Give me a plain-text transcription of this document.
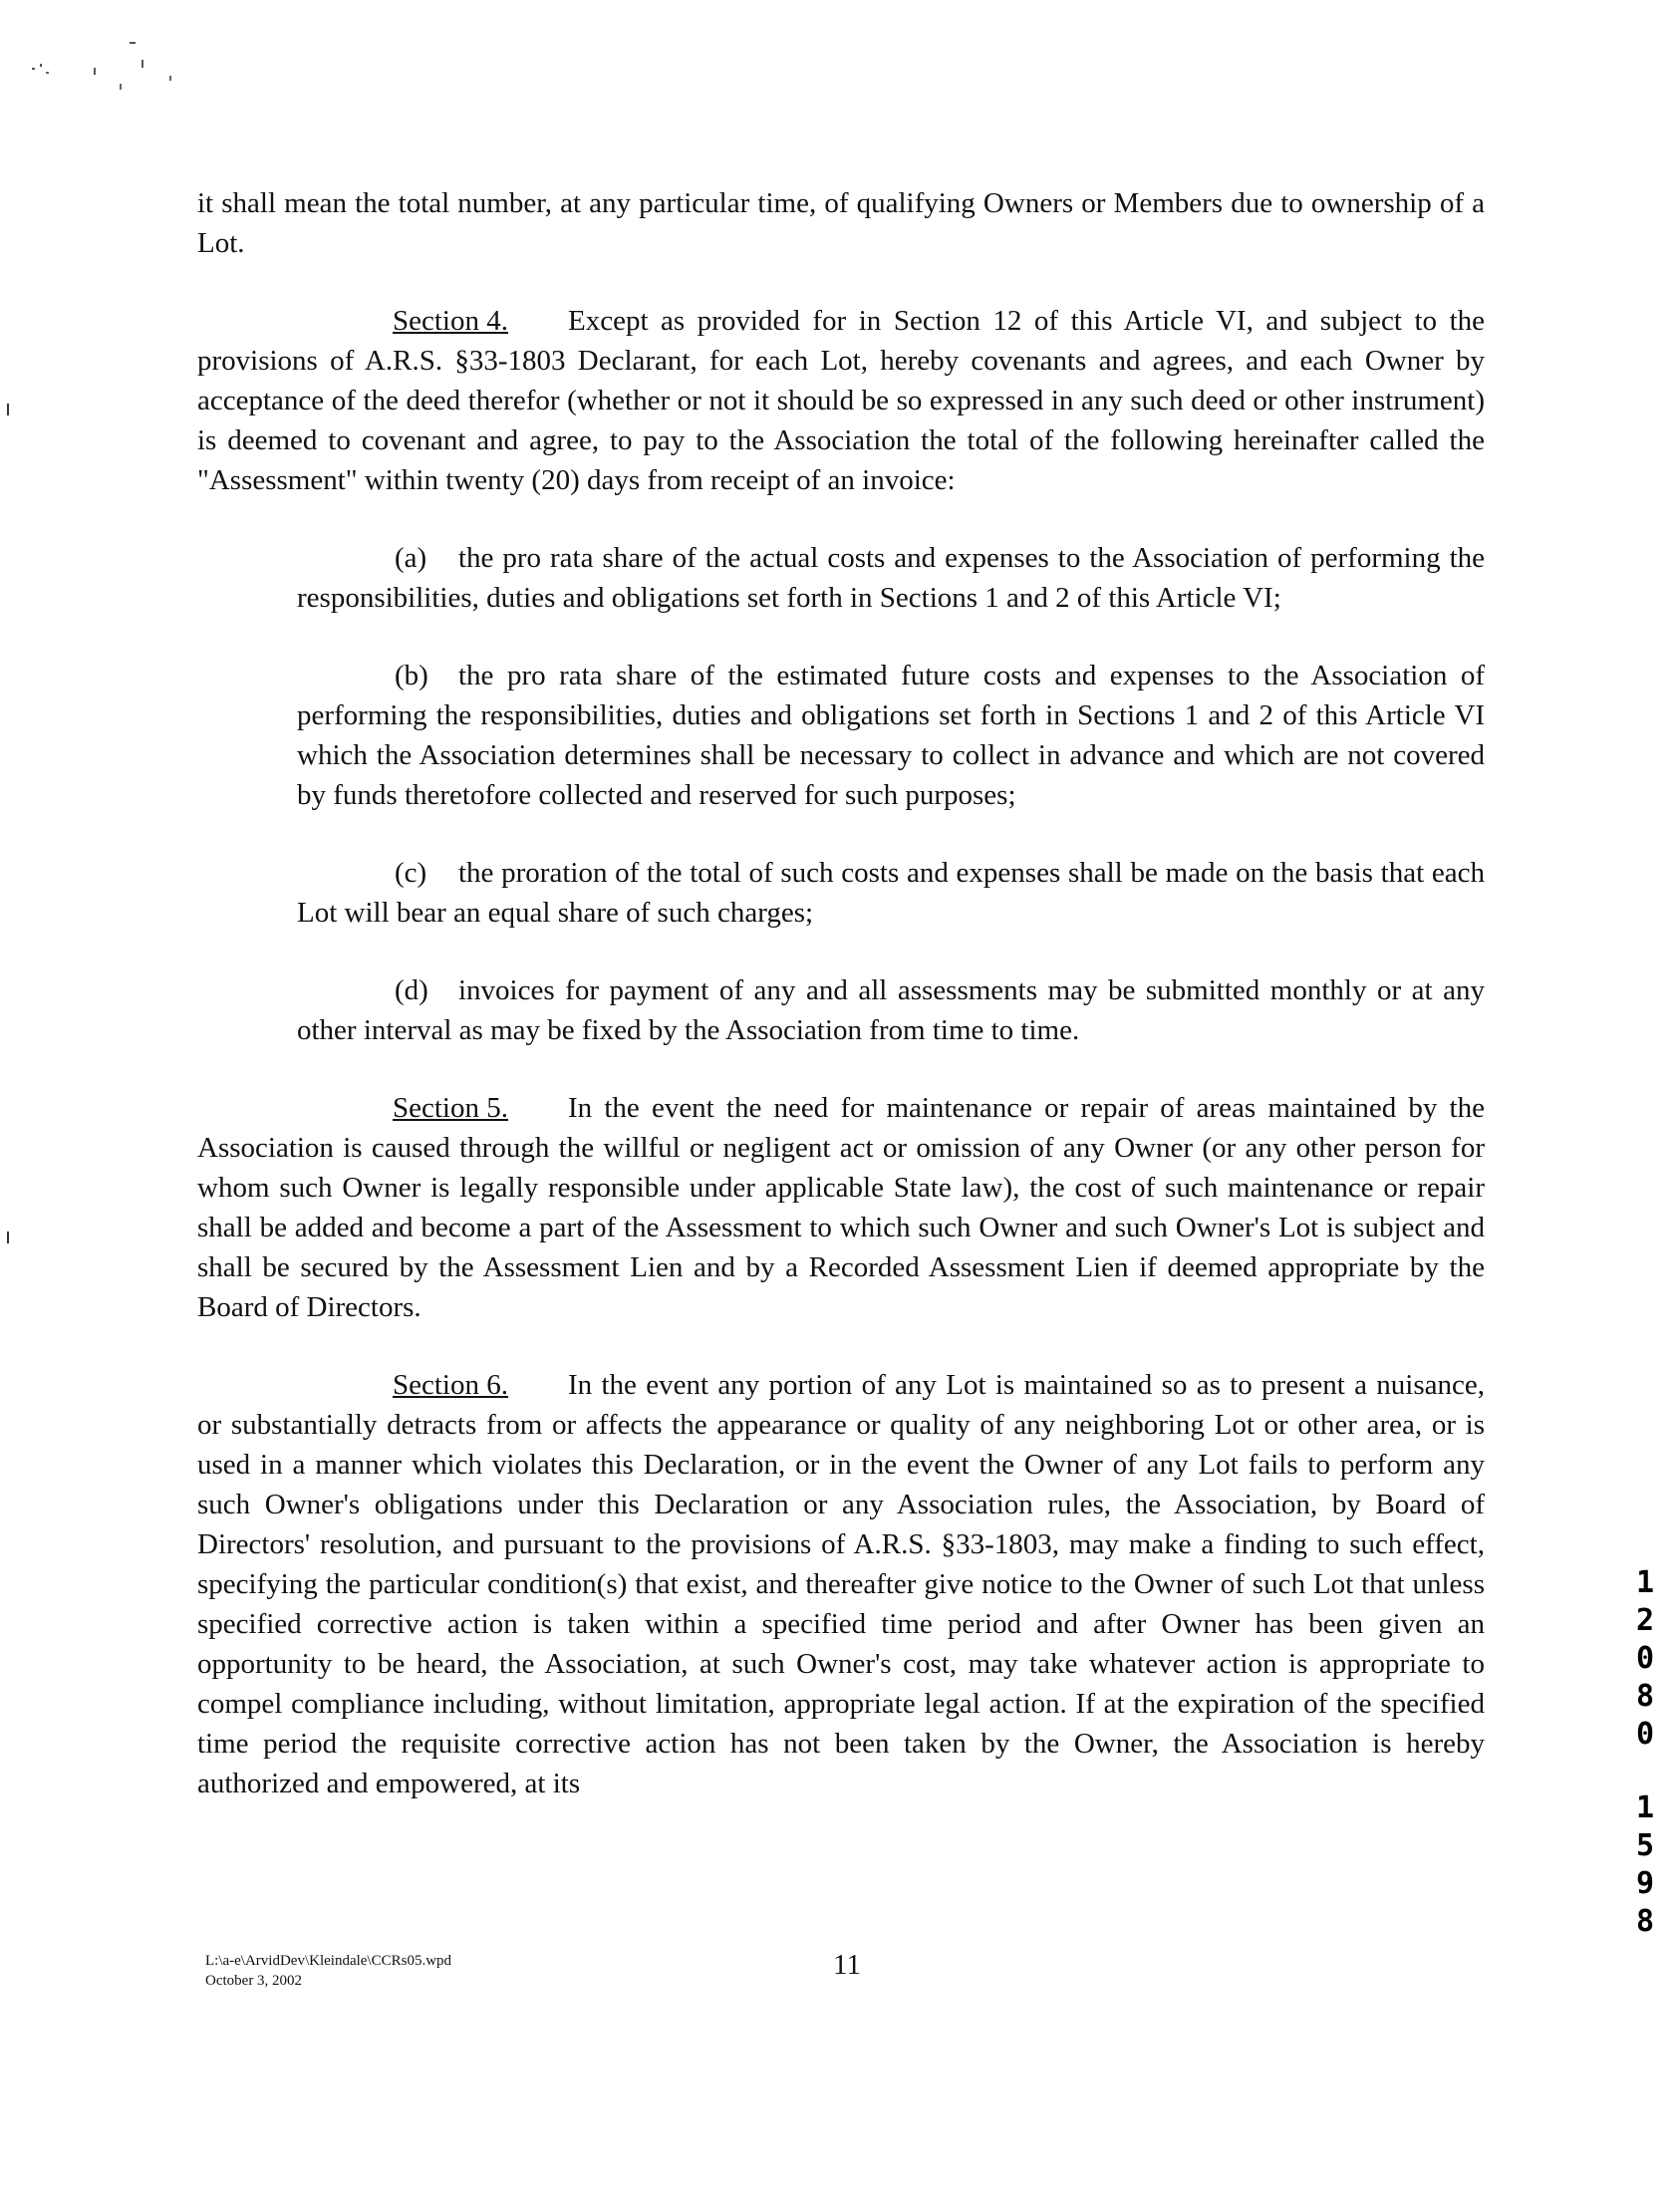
it shall mean the total number, at any particular time, of qualifying Owners or Members due to ownership of a Lot.

Section 4. Except as provided for in Section 12 of this Article VI, and subject to the provisions of A.R.S. §33-1803 Declarant, for each Lot, hereby covenants and agrees, and each Owner by acceptance of the deed therefor (whether or not it should be so expressed in any such deed or other instrument) is deemed to covenant and agree, to pay to the Association the total of the following hereinafter called the "Assessment" within twenty (20) days from receipt of an invoice:

(a) the pro rata share of the actual costs and expenses to the Association of performing the responsibilities, duties and obligations set forth in Sections 1 and 2 of this Article VI;

(b) the pro rata share of the estimated future costs and expenses to the Association of performing the responsibilities, duties and obligations set forth in Sections 1 and 2 of this Article VI which the Association determines shall be necessary to collect in advance and which are not covered by funds theretofore collected and reserved for such purposes;

(c) the proration of the total of such costs and expenses shall be made on the basis that each Lot will bear an equal share of such charges;

(d) invoices for payment of any and all assessments may be submitted monthly or at any other interval as may be fixed by the Association from time to time.

Section 5. In the event the need for maintenance or repair of areas maintained by the Association is caused through the willful or negligent act or omission of any Owner (or any other person for whom such Owner is legally responsible under applicable State law), the cost of such maintenance or repair shall be added and become a part of the Assessment to which such Owner and such Owner's Lot is subject and shall be secured by the Assessment Lien and by a Recorded Assessment Lien if deemed appropriate by the Board of Directors.

Section 6. In the event any portion of any Lot is maintained so as to present a nuisance, or substantially detracts from or affects the appearance or quality of any neighboring Lot or other area, or is used in a manner which violates this Declaration, or in the event the Owner of any Lot fails to perform any such Owner's obligations under this Declaration or any Association rules, the Association, by Board of Directors' resolution, and pursuant to the provisions of A.R.S. §33-1803, may make a finding to such effect, specifying the particular condition(s) that exist, and thereafter give notice to the Owner of such Lot that unless specified corrective action is taken within a specified time period and after Owner has been given an opportunity to be heard, the Association, at such Owner's cost, may take whatever action is appropriate to compel compliance including, without limitation, appropriate legal action. If at the expiration of the specified time period the requisite corrective action has not been taken by the Owner, the Association is hereby authorized and empowered, at its

L:\a-e\ArvidDev\Kleindale\CCRs05.wpd
October 3, 2002	11
1
2
0
8
0
1
5
9
8
